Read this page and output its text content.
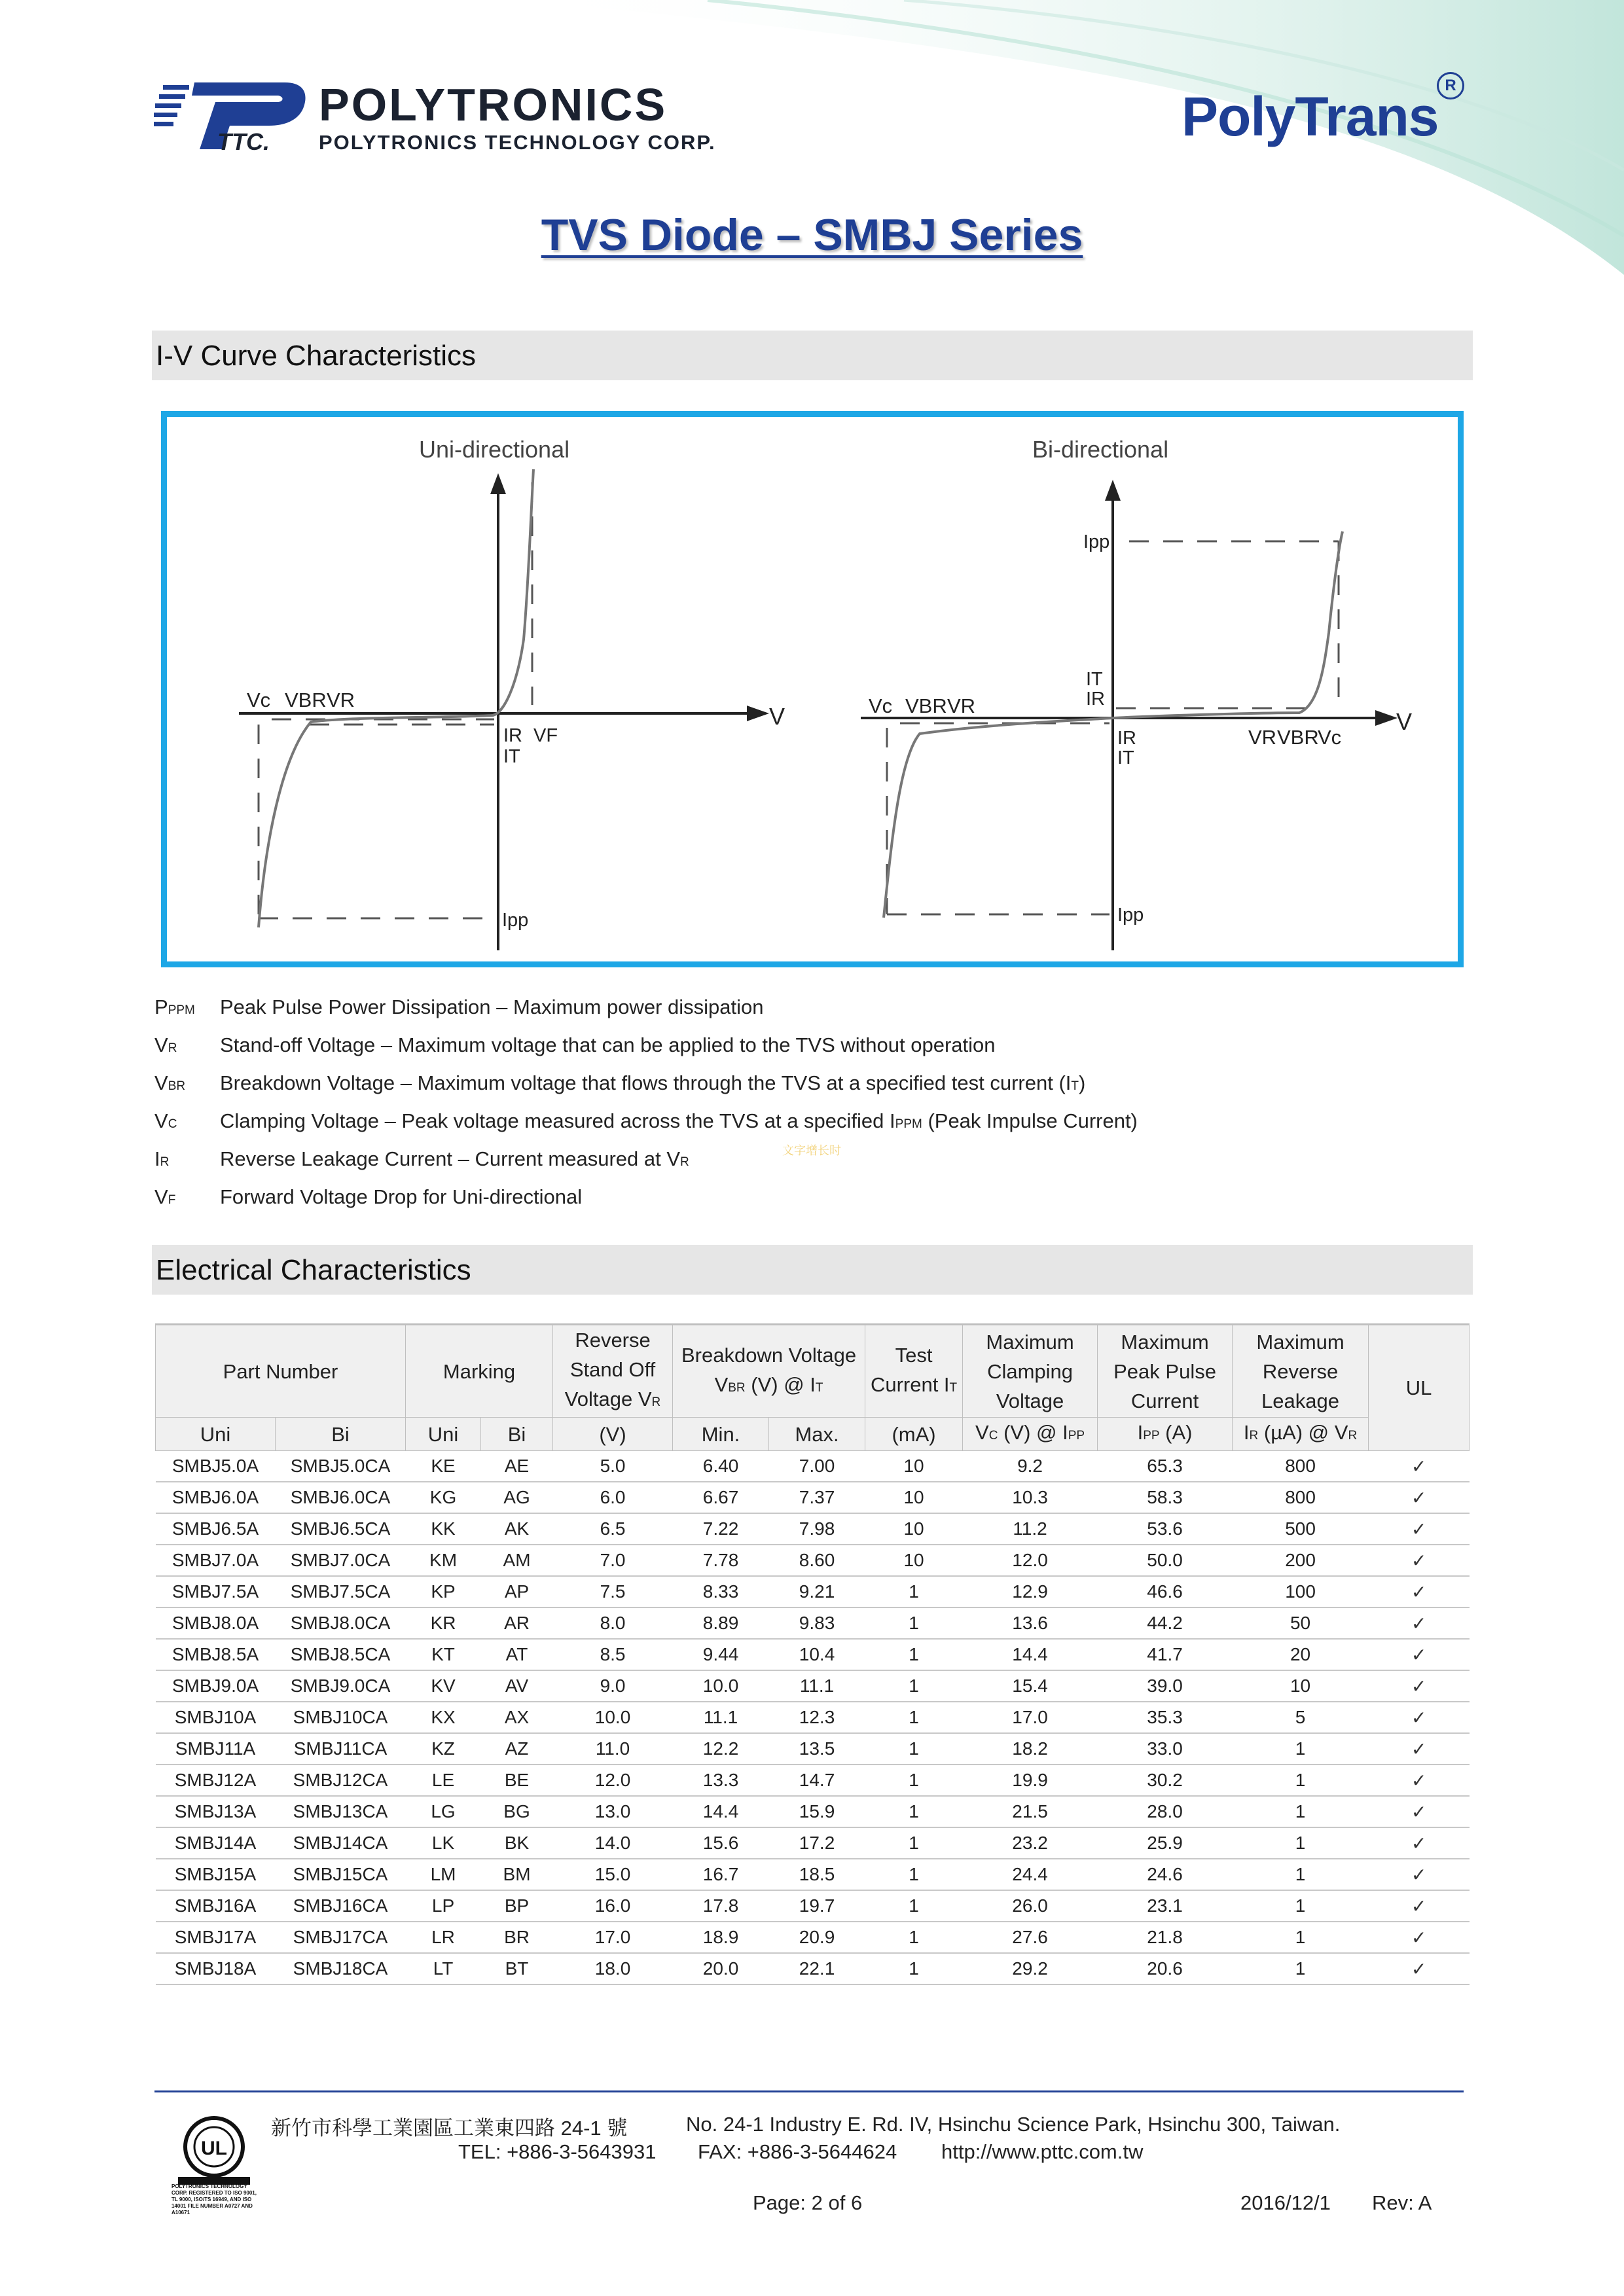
TTC.
POLYTRONICS
POLYTRONICS TECHNOLOGY CORP.	PolyTrans
R
TVS Diode – SMBJ Series
I-V Curve Characteristics
Uni-directional
Vc VBR VR
IR VF
IT
Ipp
V
Bi-directional
Ipp
IT
IR
Vc VBR VR
IR
IT
VR VBR
Vc
Ipp
V
PPPM	Peak Pulse Power Dissipation – Maximum power dissipation
VR	Stand-off Voltage – Maximum voltage that can be applied to the TVS without operation
VBR	Breakdown Voltage – Maximum voltage that flows through the TVS at a specified test current (IT)
VC	Clamping Voltage – Peak voltage measured across the TVS at a specified IPPM (Peak Impulse Current)
IR	Reverse Leakage Current – Current measured at VR
VF	Forward Voltage Drop for Uni-directional
文字增长时
Electrical Characteristics
Part Number		Marking		Reverse Stand Off Voltage VR	Breakdown Voltage VBR (V) @ IT		Test Current IT	Maximum Clamping Voltage	Maximum Peak Pulse Current	Maximum Reverse Leakage	UL
Uni	Bi	Uni	Bi	(V)	Min.	Max.	(mA)	VC (V) @ IPP	IPP (A)	IR (µA) @ VR	
SMBJ5.0A	SMBJ5.0CA	KE	AE	5.0	6.40	7.00	10	9.2	65.3	800	✓
SMBJ6.0A	SMBJ6.0CA	KG	AG	6.0	6.67	7.37	10	10.3	58.3	800	✓
SMBJ6.5A	SMBJ6.5CA	KK	AK	6.5	7.22	7.98	10	11.2	53.6	500	✓
SMBJ7.0A	SMBJ7.0CA	KM	AM	7.0	7.78	8.60	10	12.0	50.0	200	✓
SMBJ7.5A	SMBJ7.5CA	KP	AP	7.5	8.33	9.21	1	12.9	46.6	100	✓
SMBJ8.0A	SMBJ8.0CA	KR	AR	8.0	8.89	9.83	1	13.6	44.2	50	✓
SMBJ8.5A	SMBJ8.5CA	KT	AT	8.5	9.44	10.4	1	14.4	41.7	20	✓
SMBJ9.0A	SMBJ9.0CA	KV	AV	9.0	10.0	11.1	1	15.4	39.0	10	✓
SMBJ10A	SMBJ10CA	KX	AX	10.0	11.1	12.3	1	17.0	35.3	5	✓
SMBJ11A	SMBJ11CA	KZ	AZ	11.0	12.2	13.5	1	18.2	33.0	1	✓
SMBJ12A	SMBJ12CA	LE	BE	12.0	13.3	14.7	1	19.9	30.2	1	✓
SMBJ13A	SMBJ13CA	LG	BG	13.0	14.4	15.9	1	21.5	28.0	1	✓
SMBJ14A	SMBJ14CA	LK	BK	14.0	15.6	17.2	1	23.2	25.9	1	✓
SMBJ15A	SMBJ15CA	LM	BM	15.0	16.7	18.5	1	24.4	24.6	1	✓
SMBJ16A	SMBJ16CA	LP	BP	16.0	17.8	19.7	1	26.0	23.1	1	✓
SMBJ17A	SMBJ17CA	LR	BR	17.0	18.9	20.9	1	27.6	21.8	1	✓
SMBJ18A	SMBJ18CA	LT	BT	18.0	20.0	22.1	1	29.2	20.6	1	✓
UL
POLYTRONICS TECHNOLOGY CORP. REGISTERED TO ISO 9001, TL 9000, ISO/TS 16949, AND ISO 14001 FILE NUMBER A0727 AND A10671
新竹市科學工業園區工業東四路 24-1 號	No. 24-1 Industry E. Rd. IV, Hsinchu Science Park, Hsinchu 300, Taiwan.
TEL: +886-3-5643931 FAX: +886-3-5644624 http://www.pttc.com.tw
Page: 2 of 6	2016/12/1 Rev: A
